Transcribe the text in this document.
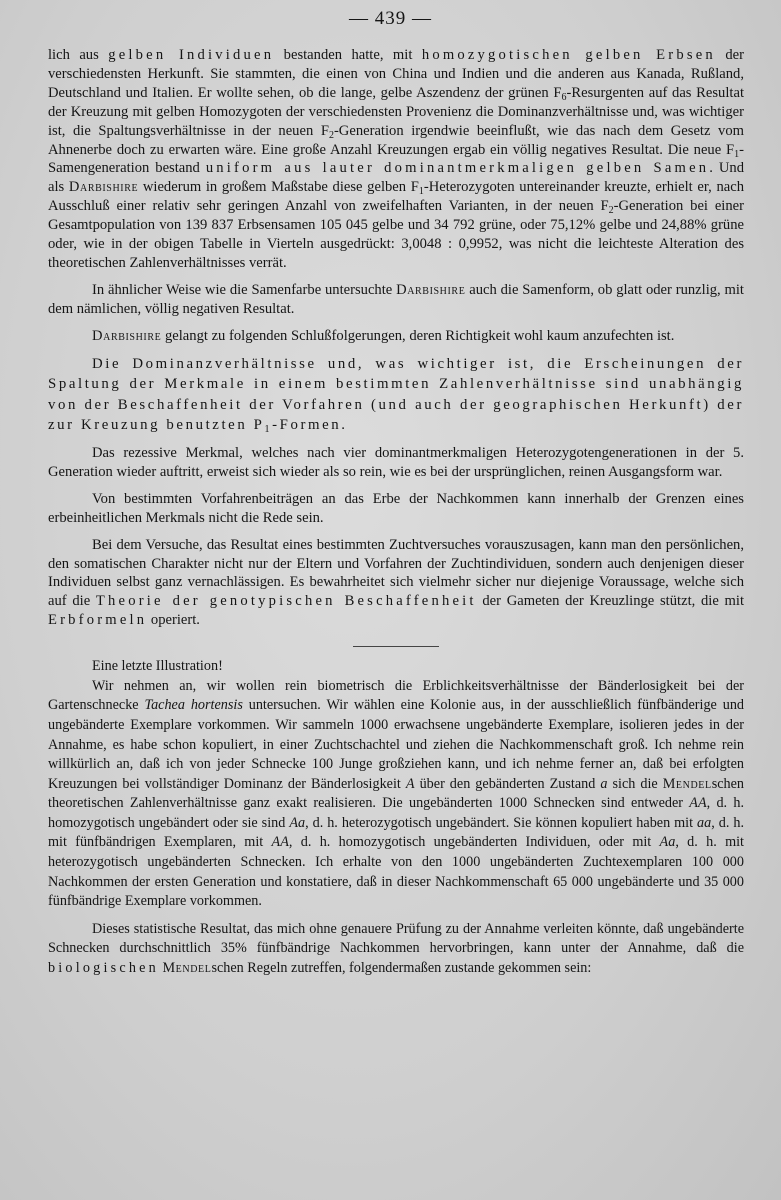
— 439 —

lich aus gelben Individuen bestanden hatte, mit homozygotischen gelben Erbsen der verschiedensten Herkunft. Sie stammten, die einen von China und Indien und die anderen aus Kanada, Rußland, Deutschland und Italien. Er wollte sehen, ob die lange, gelbe Aszendenz der grünen $F_6$-Resurgenten auf das Resultat der Kreuzung mit gelben Homozygoten der verschiedensten Provenienz die Dominanzverhältnisse und, was wichtiger ist, die Spaltungsverhältnisse in der neuen $F_2$-Generation irgendwie beeinflußt, wie das nach dem Gesetz vom Ahnenerbe doch zu erwarten wäre. Eine große Anzahl Kreuzungen ergab ein völlig negatives Resultat. Die neue $F_1$-Samengeneration bestand uniform aus lauter dominantmerkmaligen gelben Samen. Und als Darbishire wiederum in großem Maßstabe diese gelben $F_1$-Heterozygoten untereinander kreuzte, erhielt er, nach Ausschluß einer relativ sehr geringen Anzahl von zweifelhaften Varianten, in der neuen $F_2$-Generation bei einer Gesamtpopulation von 139 837 Erbsensamen 105 045 gelbe und 34 792 grüne, oder 75,12% gelbe und 24,88% grüne oder, wie in der obigen Tabelle in Vierteln ausgedrückt: 3,0048 : 0,9952, was nicht die leichteste Alteration des theoretischen Zahlenverhältnisses verrät.

In ähnlicher Weise wie die Samenfarbe untersuchte Darbishire auch die Samenform, ob glatt oder runzlig, mit dem nämlichen, völlig negativen Resultat.

Darbishire gelangt zu folgenden Schlußfolgerungen, deren Richtigkeit wohl kaum anzufechten ist.

Die Dominanzverhältnisse und, was wichtiger ist, die Erscheinungen der Spaltung der Merkmale in einem bestimmten Zahlenverhältnisse sind unabhängig von der Beschaffenheit der Vorfahren (und auch der geographischen Herkunft) der zur Kreuzung benutzten $P_1$-Formen.

Das rezessive Merkmal, welches nach vier dominantmerkmaligen Heterozygotengenerationen in der 5. Generation wieder auftritt, erweist sich wieder als so rein, wie es bei der ursprünglichen, reinen Ausgangsform war.

Von bestimmten Vorfahrenbeiträgen an das Erbe der Nachkommen kann innerhalb der Grenzen eines erbeinheitlichen Merkmals nicht die Rede sein.

Bei dem Versuche, das Resultat eines bestimmten Zuchtversuches vorauszusagen, kann man den persönlichen, den somatischen Charakter nicht nur der Eltern und Vorfahren der Zuchtindividuen, sondern auch denjenigen dieser Individuen selbst ganz vernachlässigen. Es bewahrheitet sich vielmehr sicher nur diejenige Voraussage, welche sich auf die Theorie der genotypischen Beschaffenheit der Gameten der Kreuzlinge stützt, die mit Erbformeln operiert.

Eine letzte Illustration!

Wir nehmen an, wir wollen rein biometrisch die Erblichkeitsverhältnisse der Bänderlosigkeit bei der Gartenschnecke Tachea hortensis untersuchen. Wir wählen eine Kolonie aus, in der ausschließlich fünfbänderige und ungebänderte Exemplare vorkommen. Wir sammeln 1000 erwachsene ungebänderte Exemplare, isolieren jedes in der Annahme, es habe schon kopuliert, in einer Zuchtschachtel und ziehen die Nachkommenschaft groß. Ich nehme rein willkürlich an, daß ich von jeder Schnecke 100 Junge großziehen kann, und ich nehme ferner an, daß bei erfolgten Kreuzungen bei vollständiger Dominanz der Bänderlosigkeit A über den gebänderten Zustand a sich die Mendelschen theoretischen Zahlenverhältnisse ganz exakt realisieren. Die ungebänderten 1000 Schnecken sind entweder AA, d. h. homozygotisch ungebändert oder sie sind Aa, d. h. heterozygotisch ungebändert. Sie können kopuliert haben mit aa, d. h. mit fünfbändrigen Exemplaren, mit AA, d. h. homozygotisch ungebänderten Individuen, oder mit Aa, d. h. mit heterozygotisch ungebänderten Schnecken. Ich erhalte von den 1000 ungebänderten Zuchtexemplaren 100 000 Nachkommen der ersten Generation und konstatiere, daß in dieser Nachkommenschaft 65 000 ungebänderte und 35 000 fünfbändrige Exemplare vorkommen.

Dieses statistische Resultat, das mich ohne genauere Prüfung zu der Annahme verleiten könnte, daß ungebänderte Schnecken durchschnittlich 35% fünfbändrige Nachkommen hervorbringen, kann unter der Annahme, daß die biologischen Mendelschen Regeln zutreffen, folgendermaßen zustande gekommen sein:
